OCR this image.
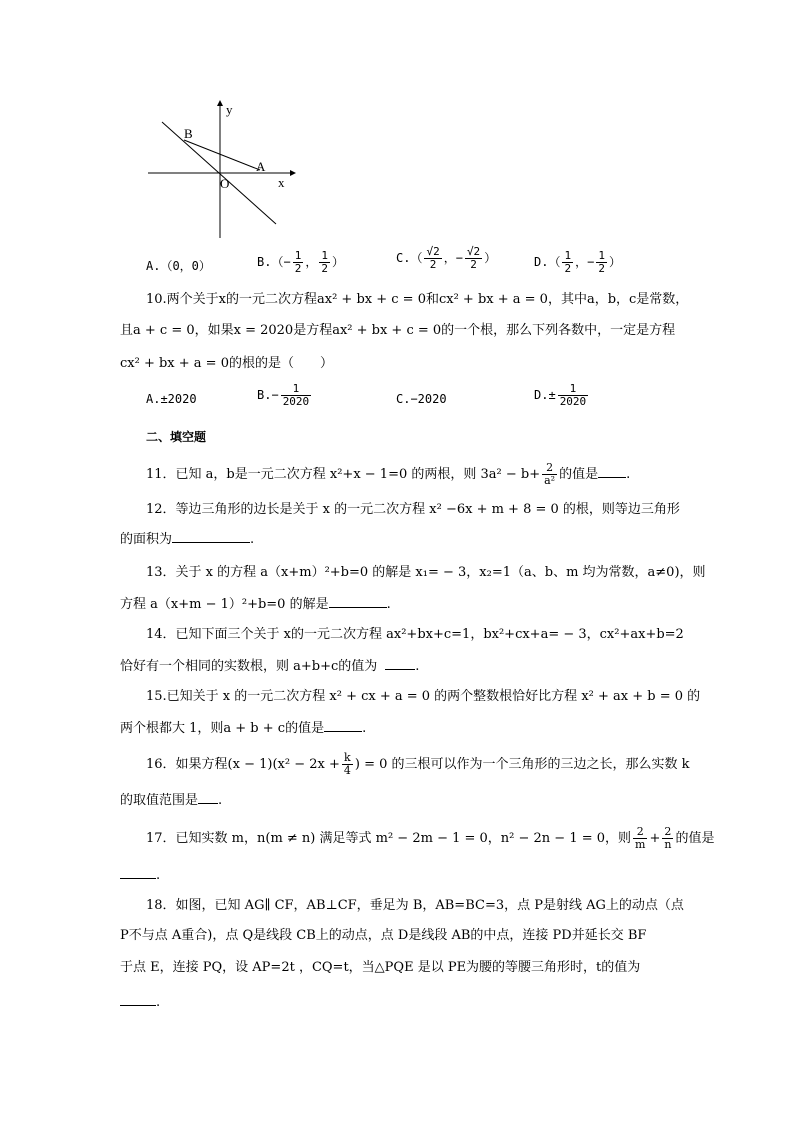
y
x
O
A
B
A.（0，0）	$B.(- \frac{1}{2}$ ， $\frac{1}{2}$ ）	$C.( \frac{√2}{2}$ ，− $\frac{√2}{2}$ ）	$D.( \frac{1}{2}$ ，− $\frac{1}{2}$ ）
10.两个关于x的一元二次方程ax² + bx + c = 0和cx² + bx + a = 0，其中a，b，c是常数，
且a + c = 0，如果x = 2020是方程ax² + bx + c = 0的一个根，那么下列各数中，一定是方程
cx² + bx + a = 0的根的是（　　）
A.±2020	$B.- \frac{1}{2020}$	C.−2020	$D.\pm \frac{1}{2020}$
二、填空题
11．已知 a，b是一元二次方程 x²+x − 1=0 的两根，则 $3a^2 - b+ \frac{2}{\text{a²}}$ 的值是 .
12．等边三角形的边长是关于 x 的一元二次方程 x² −6x + m + 8 = 0 的根，则等边三角形
的面积为	.
13．关于 x 的方程 a（x+m）²+b=0 的解是 x₁= − 3，x₂=1（a、b、m 均为常数，a≠0)，则
方程 a（x+m − 1）²+b=0 的解是	.
14．已知下面三个关于 x的一元二次方程 ax²+bx+c=1，bx²+cx+a= − 3，cx²+ax+b=2
恰好有一个相同的实数根，则 a+b+c的值为	.
15.已知关于 x 的一元二次方程 x² + cx + a = 0 的两个整数根恰好比方程 x² + ax + b = 0 的
两个根都大 1，则a + b + c的值是	.
16．如果方程$(x - 1)(x^2 - 2x + \frac{k}{4}$ ) = 0 的三根可以作为一个三角形的三边之长，那么实数 k
的取值范围是 .
17．已知实数 m，n(m ≠ n) 满足等式 m² − 2m − 1 = 0，n² − 2n − 1 = 0，则 $\frac{2}{m} + \frac{2}{n}$ 的值是
.
18．如图，已知 AG∥ CF，AB⊥CF，垂足为 B，AB=BC=3，点 P是射线 AG上的动点（点
P不与点 A重合)，点 Q是线段 CB上的动点，点 D是线段 AB的中点，连接 PD并延长交 BF
于点 E，连接 PQ，设 AP=2t ，CQ=t，当△PQE 是以 PE为腰的等腰三角形时，t的值为
.
